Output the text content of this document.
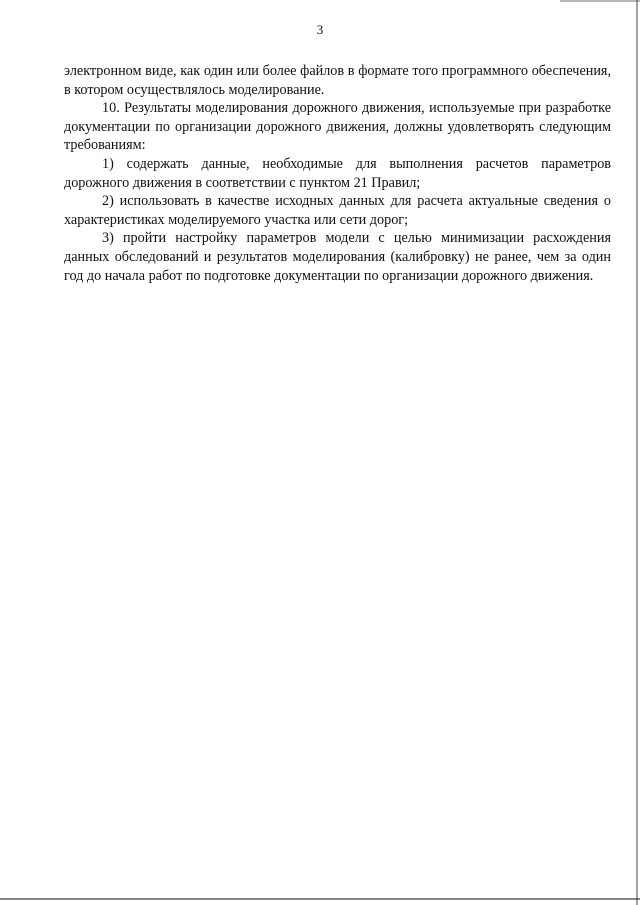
3

электронном виде, как один или более файлов в формате того программного обеспечения, в котором осуществлялось моделирование.

10. Результаты моделирования дорожного движения, используемые при разработке документации по организации дорожного движения, должны удовлетворять следующим требованиям:

1) содержать данные, необходимые для выполнения расчетов параметров дорожного движения в соответствии с пунктом 21 Правил;

2) использовать в качестве исходных данных для расчета актуальные сведения о характеристиках моделируемого участка или сети дорог;

3) пройти настройку параметров модели с целью минимизации расхождения данных обследований и результатов моделирования (калибровку) не ранее, чем за один год до начала работ по подготовке документации по организации дорожного движения.
